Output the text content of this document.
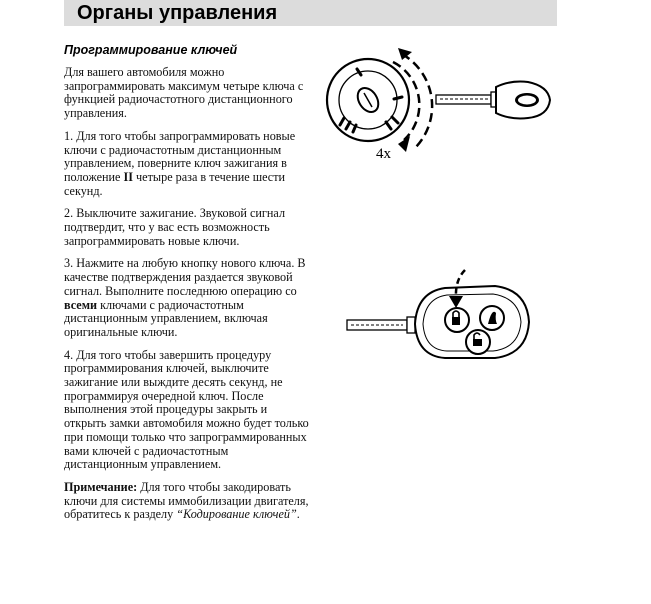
Органы управления
Программирование ключей

Для вашего автомобиля можно запрограммировать максимум четыре ключа с функцией радиочастотного дистанционного управления.

1. Для того чтобы запрограммировать новые ключи с радиочастотным дистанционным управлением, поверните ключ зажигания в положение II четыре раза в течение шести секунд.

2. Выключите зажигание. Звуковой сигнал подтвердит, что у вас есть возможность запрограммировать новые ключи.

3. Нажмите на любую кнопку нового ключа. В качестве подтверждения раздается звуковой сигнал. Выполните последнюю операцию со всеми ключами с радиочастотным дистанционным управлением, включая оригинальные ключи.

4. Для того чтобы завершить процедуру программирования ключей, выключите зажигание или выждите десять секунд, не программируя очередной ключ. После выполнения этой процедуры закрыть и открыть замки автомобиля можно будет только при помощи только что запрограммированных вами ключей с радиочастотным дистанционным управлением.

Примечание: Для того чтобы закодировать ключи для системы иммобилизации двигателя, обратитесь к разделу “Кодирование ключей”.

4x
